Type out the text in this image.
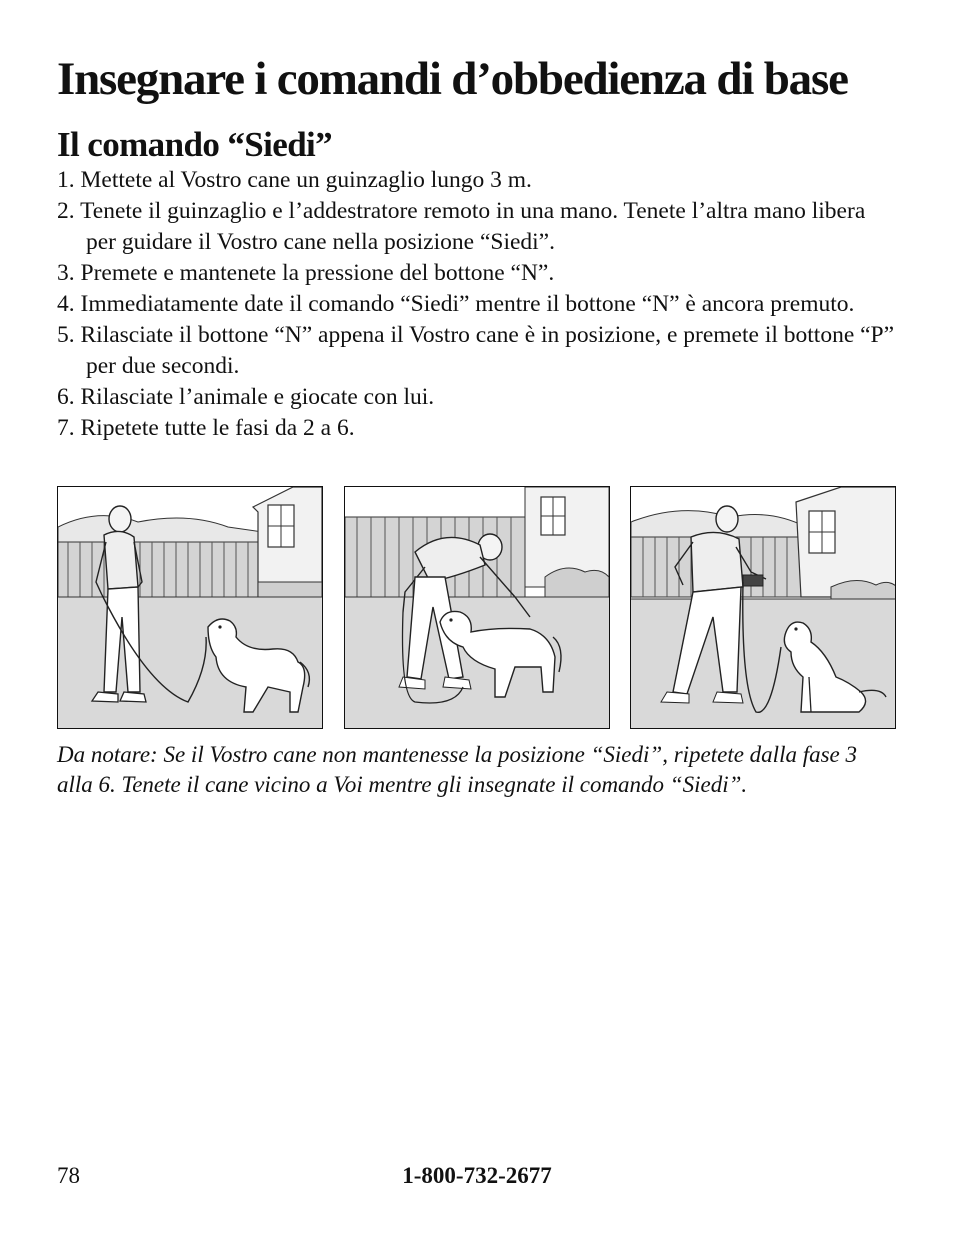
Insegnare i comandi d’obbedienza di base
Il comando “Siedi”
1. Mettete al Vostro cane un guinzaglio lungo 3 m.
2. Tenete il guinzaglio e l’addestratore remoto in una mano. Tenete l’altra mano libera per guidare il Vostro cane nella posizione “Siedi”.
3. Premete e mantenete la pressione del bottone “N”.
4. Immediatamente date il comando “Siedi” mentre il bottone “N” è ancora premuto.
5. Rilasciate il bottone “N” appena il Vostro cane è in posizione, e premete il bottone “P” per due secondi.
6. Rilasciate l’animale e giocate con lui.
7. Ripetete tutte le fasi da 2 a 6.

Da notare: Se il Vostro cane non mantenesse la posizione “Siedi”, ripetete dalla fase 3 alla 6. Tenete il cane vicino a Voi mentre gli insegnate il comando “Siedi”.

78	1-800-732-2677
